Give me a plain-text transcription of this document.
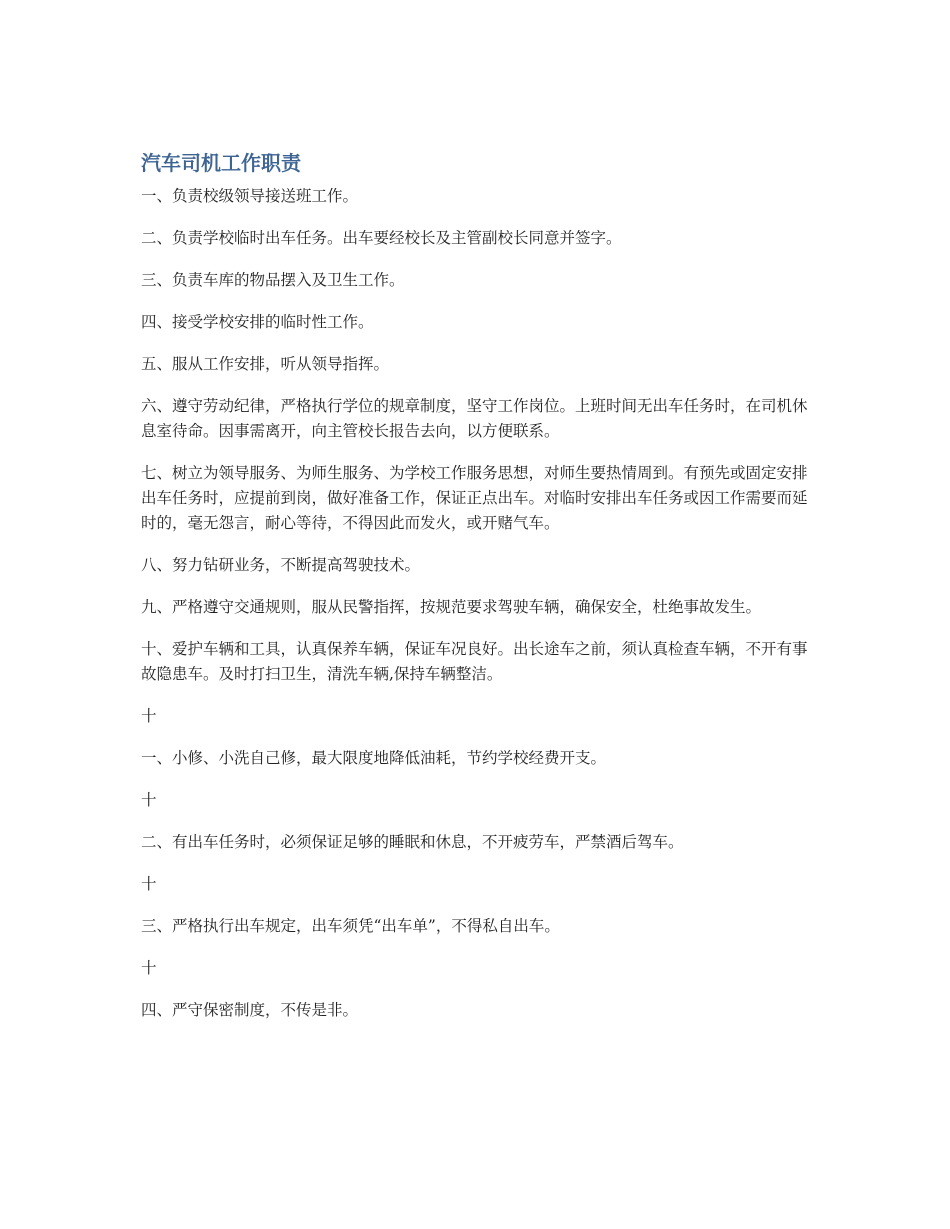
汽车司机工作职责

一、负责校级领导接送班工作。

二、负责学校临时出车任务。出车要经校长及主管副校长同意并签字。

三、负责车库的物品摆入及卫生工作。

四、接受学校安排的临时性工作。

五、服从工作安排，听从领导指挥。

六、遵守劳动纪律，严格执行学位的规章制度，坚守工作岗位。上班时间无出车任务时，在司机休息室待命。因事需离开，向主管校长报告去向，以方便联系。

七、树立为领导服务、为师生服务、为学校工作服务思想，对师生要热情周到。有预先或固定安排出车任务时，应提前到岗，做好准备工作，保证正点出车。对临时安排出车任务或因工作需要而延时的，毫无怨言，耐心等待，不得因此而发火，或开赌气车。

八、努力钻研业务，不断提高驾驶技术。

九、严格遵守交通规则，服从民警指挥，按规范要求驾驶车辆，确保安全，杜绝事故发生。

十、爱护车辆和工具，认真保养车辆，保证车况良好。出长途车之前，须认真检查车辆，不开有事故隐患车。及时打扫卫生，清洗车辆,保持车辆整洁。

十

一、小修、小洗自己修，最大限度地降低油耗，节约学校经费开支。

十

二、有出车任务时，必须保证足够的睡眠和休息，不开疲劳车，严禁酒后驾车。

十

三、严格执行出车规定，出车须凭“出车单”，不得私自出车。

十

四、严守保密制度，不传是非。
